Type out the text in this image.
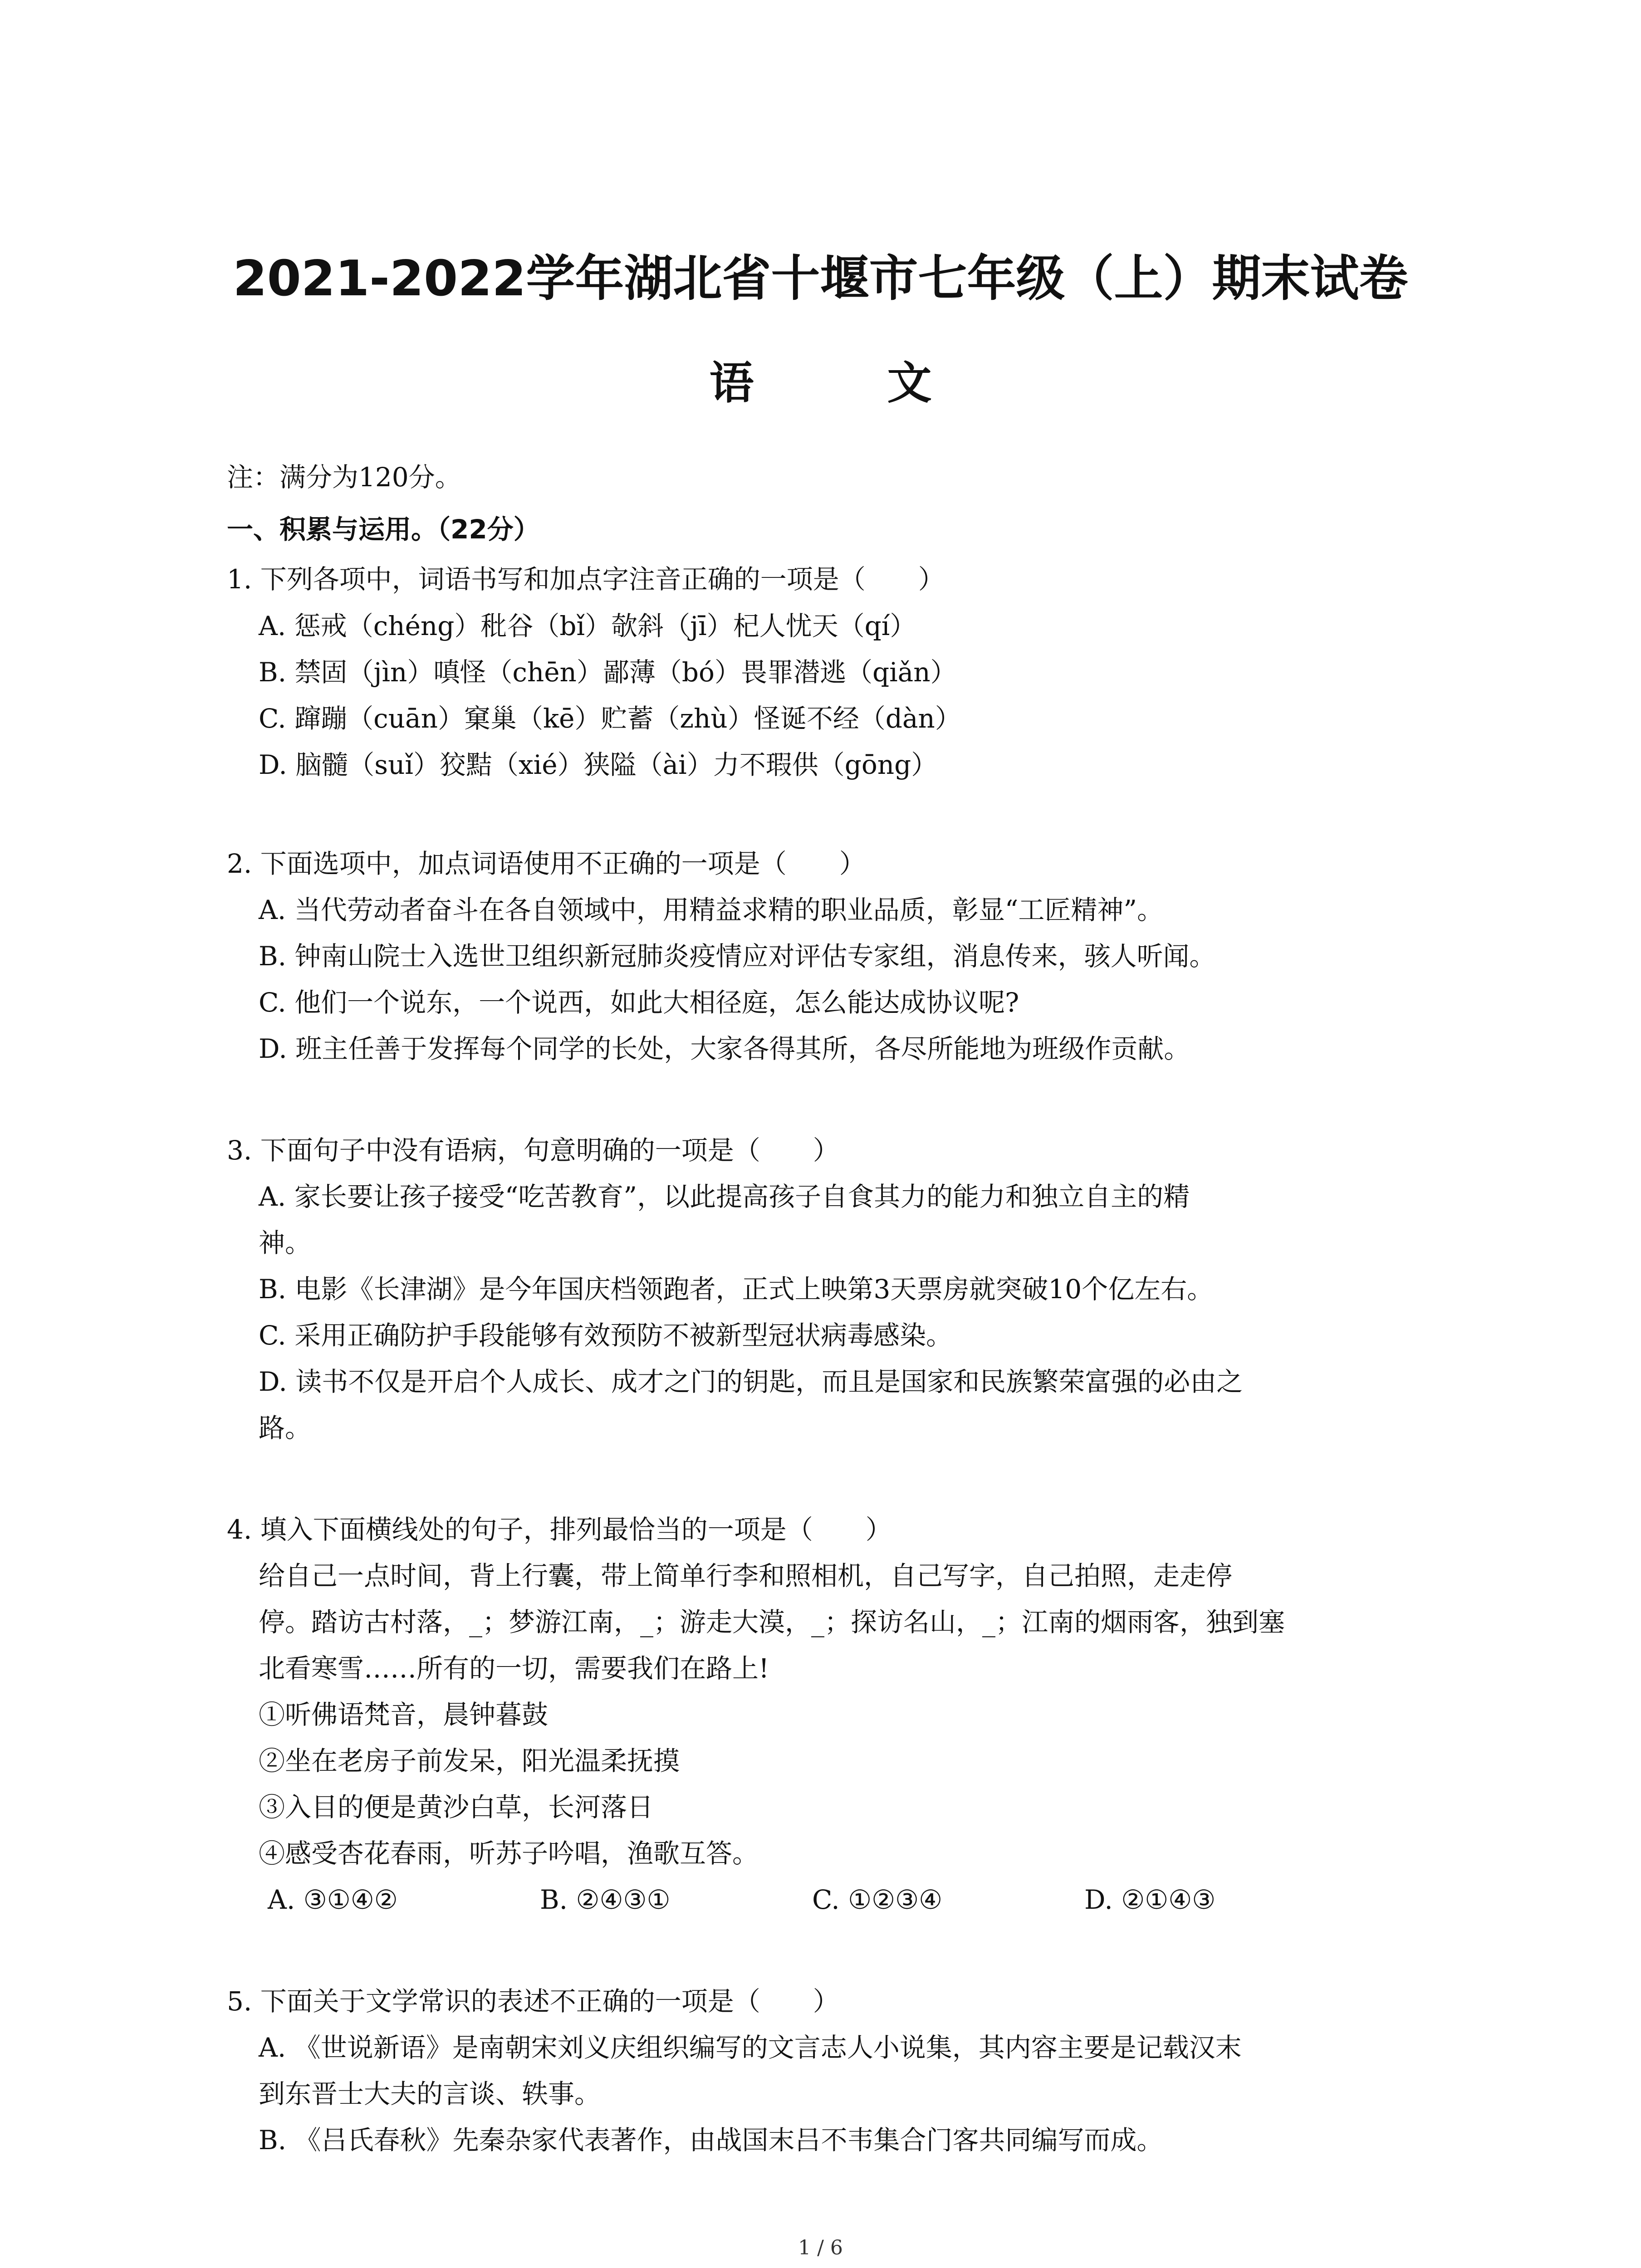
2021-2022学年湖北省十堰市七年级（上）期末试卷
语 文
注：满分为120分。
一、积累与运用。（22分）
1. 下列各项中，词语书写和加点字注音正确的一项是（　　）
A. 惩戒（chéng）秕谷（bǐ）欹斜（jī）杞人忧天（qí）
B. 禁固（jìn）嗔怪（chēn）鄙薄（bó）畏罪潜逃（qiǎn）
C. 蹿蹦（cuān）窠巢（kē）贮蓄（zhù）怪诞不经（dàn）
D. 脑髓（suǐ）狡黠（xié）狭隘（ài）力不瑕供（gōng）
2. 下面选项中，加点词语使用不正确的一项是（　　）
A. 当代劳动者奋斗在各自领域中，用精益求精的职业品质，彰显“工匠精神”。
B. 钟南山院士入选世卫组织新冠肺炎疫情应对评估专家组，消息传来，骇人听闻。
C. 他们一个说东，一个说西，如此大相径庭，怎么能达成协议呢?
D. 班主任善于发挥每个同学的长处，大家各得其所，各尽所能地为班级作贡献。
3. 下面句子中没有语病，句意明确的一项是（　　）
A. 家长要让孩子接受“吃苦教育”，以此提高孩子自食其力的能力和独立自主的精
神。
B. 电影《长津湖》是今年国庆档领跑者，正式上映第3天票房就突破10个亿左右。
C. 采用正确防护手段能够有效预防不被新型冠状病毒感染。
D. 读书不仅是开启个人成长、成才之门的钥匙，而且是国家和民族繁荣富强的必由之
路。
4. 填入下面横线处的句子，排列最恰当的一项是（　　）
给自己一点时间，背上行囊，带上简单行李和照相机，自己写字，自己拍照，走走停
停。踏访古村落，_；梦游江南，_；游走大漠，_；探访名山，_；江南的烟雨客，独到塞
北看寒雪……所有的一切，需要我们在路上!
①听佛语梵音，晨钟暮鼓
②坐在老房子前发呆，阳光温柔抚摸
③入目的便是黄沙白草，长河落日
④感受杏花春雨，听苏子吟唱，渔歌互答。
A. ③①④②	B. ②④③①	C. ①②③④	D. ②①④③
5. 下面关于文学常识的表述不正确的一项是（　　）
A. 《世说新语》是南朝宋刘义庆组织编写的文言志人小说集，其内容主要是记载汉末
到东晋士大夫的言谈、轶事。
B. 《吕氏春秋》先秦杂家代表著作，由战国末吕不韦集合门客共同编写而成。
1 / 6
